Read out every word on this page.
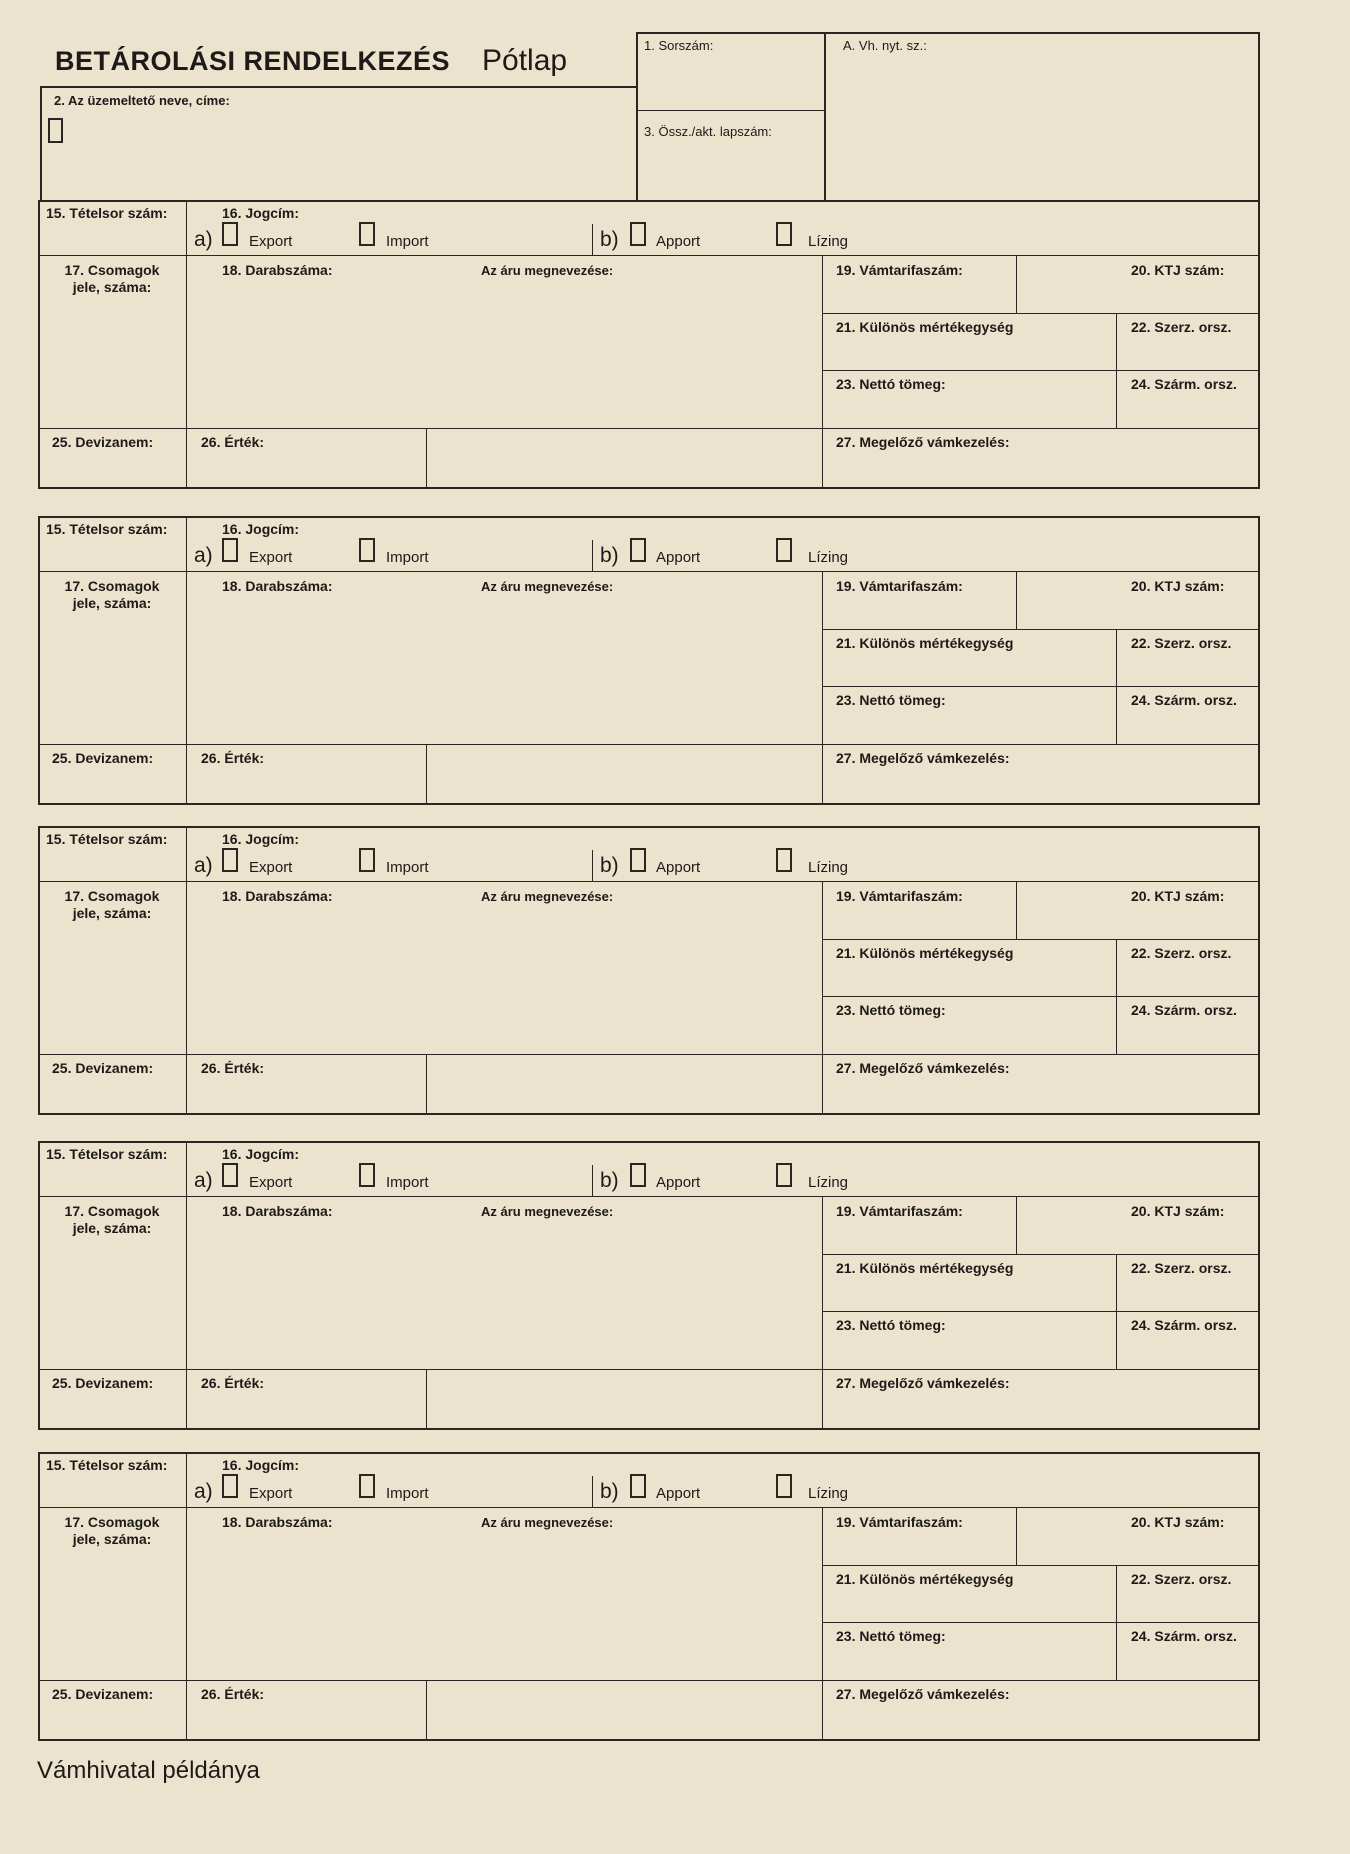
BETÁROLÁSI RENDELKEZÉS Pótlap
2. Az üzemeltető neve, címe:
1. Sorszám:
3. Össz./akt. lapszám:
A. Vh. nyt. sz.:
15. Tételsor szám:	16. Jogcím:
a) Export	Import	b) Apport	Lízing
17. Csomagok
jele, száma:
18. Darabszáma:	Az áru megnevezése:	19. Vámtarifaszám:	20. KTJ szám:
21. Különös mértékegység	22. Szerz. orsz.
23. Nettó tömeg:	24. Szárm. orsz.
25. Devizanem:	26. Érték:	27. Megelőző vámkezelés:
15. Tételsor szám:	16. Jogcím:
a) Export	Import	b) Apport	Lízing
17. Csomagok
jele, száma:
18. Darabszáma:	Az áru megnevezése:	19. Vámtarifaszám:	20. KTJ szám:
21. Különös mértékegység	22. Szerz. orsz.
23. Nettó tömeg:	24. Szárm. orsz.
25. Devizanem:	26. Érték:	27. Megelőző vámkezelés:
15. Tételsor szám:	16. Jogcím:
a) Export	Import	b) Apport	Lízing
17. Csomagok
jele, száma:
18. Darabszáma:	Az áru megnevezése:	19. Vámtarifaszám:	20. KTJ szám:
21. Különös mértékegység	22. Szerz. orsz.
23. Nettó tömeg:	24. Szárm. orsz.
25. Devizanem:	26. Érték:	27. Megelőző vámkezelés:
15. Tételsor szám:	16. Jogcím:
a) Export	Import	b) Apport	Lízing
17. Csomagok
jele, száma:
18. Darabszáma:	Az áru megnevezése:	19. Vámtarifaszám:	20. KTJ szám:
21. Különös mértékegység	22. Szerz. orsz.
23. Nettó tömeg:	24. Szárm. orsz.
25. Devizanem:	26. Érték:	27. Megelőző vámkezelés:
15. Tételsor szám:	16. Jogcím:
a) Export	Import	b) Apport	Lízing
17. Csomagok
jele, száma:
18. Darabszáma:	Az áru megnevezése:	19. Vámtarifaszám:	20. KTJ szám:
21. Különös mértékegység	22. Szerz. orsz.
23. Nettó tömeg:	24. Szárm. orsz.
25. Devizanem:	26. Érték:	27. Megelőző vámkezelés:
Vámhivatal példánya
